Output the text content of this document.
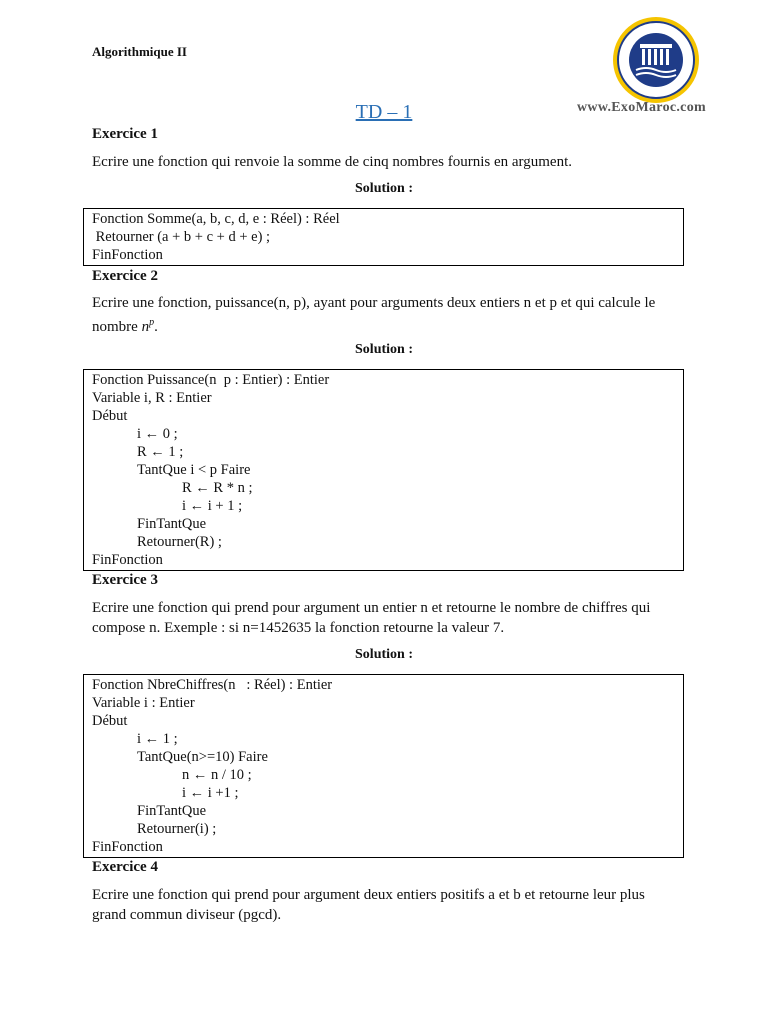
Algorithmique II
www.ExoMaroc.com
TD – 1
Exercice 1
Ecrire une fonction qui renvoie la somme de cinq nombres fournis en argument.
Solution :
Fonction Somme(a, b, c, d, e : Réel) : Réel
Retourner (a + b + c + d + e) ;
FinFonction
Exercice 2
Ecrire une fonction, puissance(n, p), ayant pour arguments deux entiers n et p et qui calcule le
nombre $n^p$.
Solution :
Fonction Puissance(n  p : Entier) : Entier
Variable i, R : Entier
Début
i ← 0 ;
R ← 1 ;
TantQue i < p Faire
R ← R * n ;
i ← i + 1 ;
FinTantQue
Retourner(R) ;
FinFonction
Exercice 3
Ecrire une fonction qui prend pour argument un entier n et retourne le nombre de chiffres qui
compose n. Exemple : si n=1452635 la fonction retourne la valeur 7.
Solution :
Fonction NbreChiffres(n   : Réel) : Entier
Variable i : Entier
Début
i ← 1 ;
TantQue(n>=10) Faire
n ← n / 10 ;
i ← i +1 ;
FinTantQue
Retourner(i) ;
FinFonction
Exercice 4
Ecrire une fonction qui prend pour argument deux entiers positifs a et b et retourne leur plus
grand commun diviseur (pgcd).
